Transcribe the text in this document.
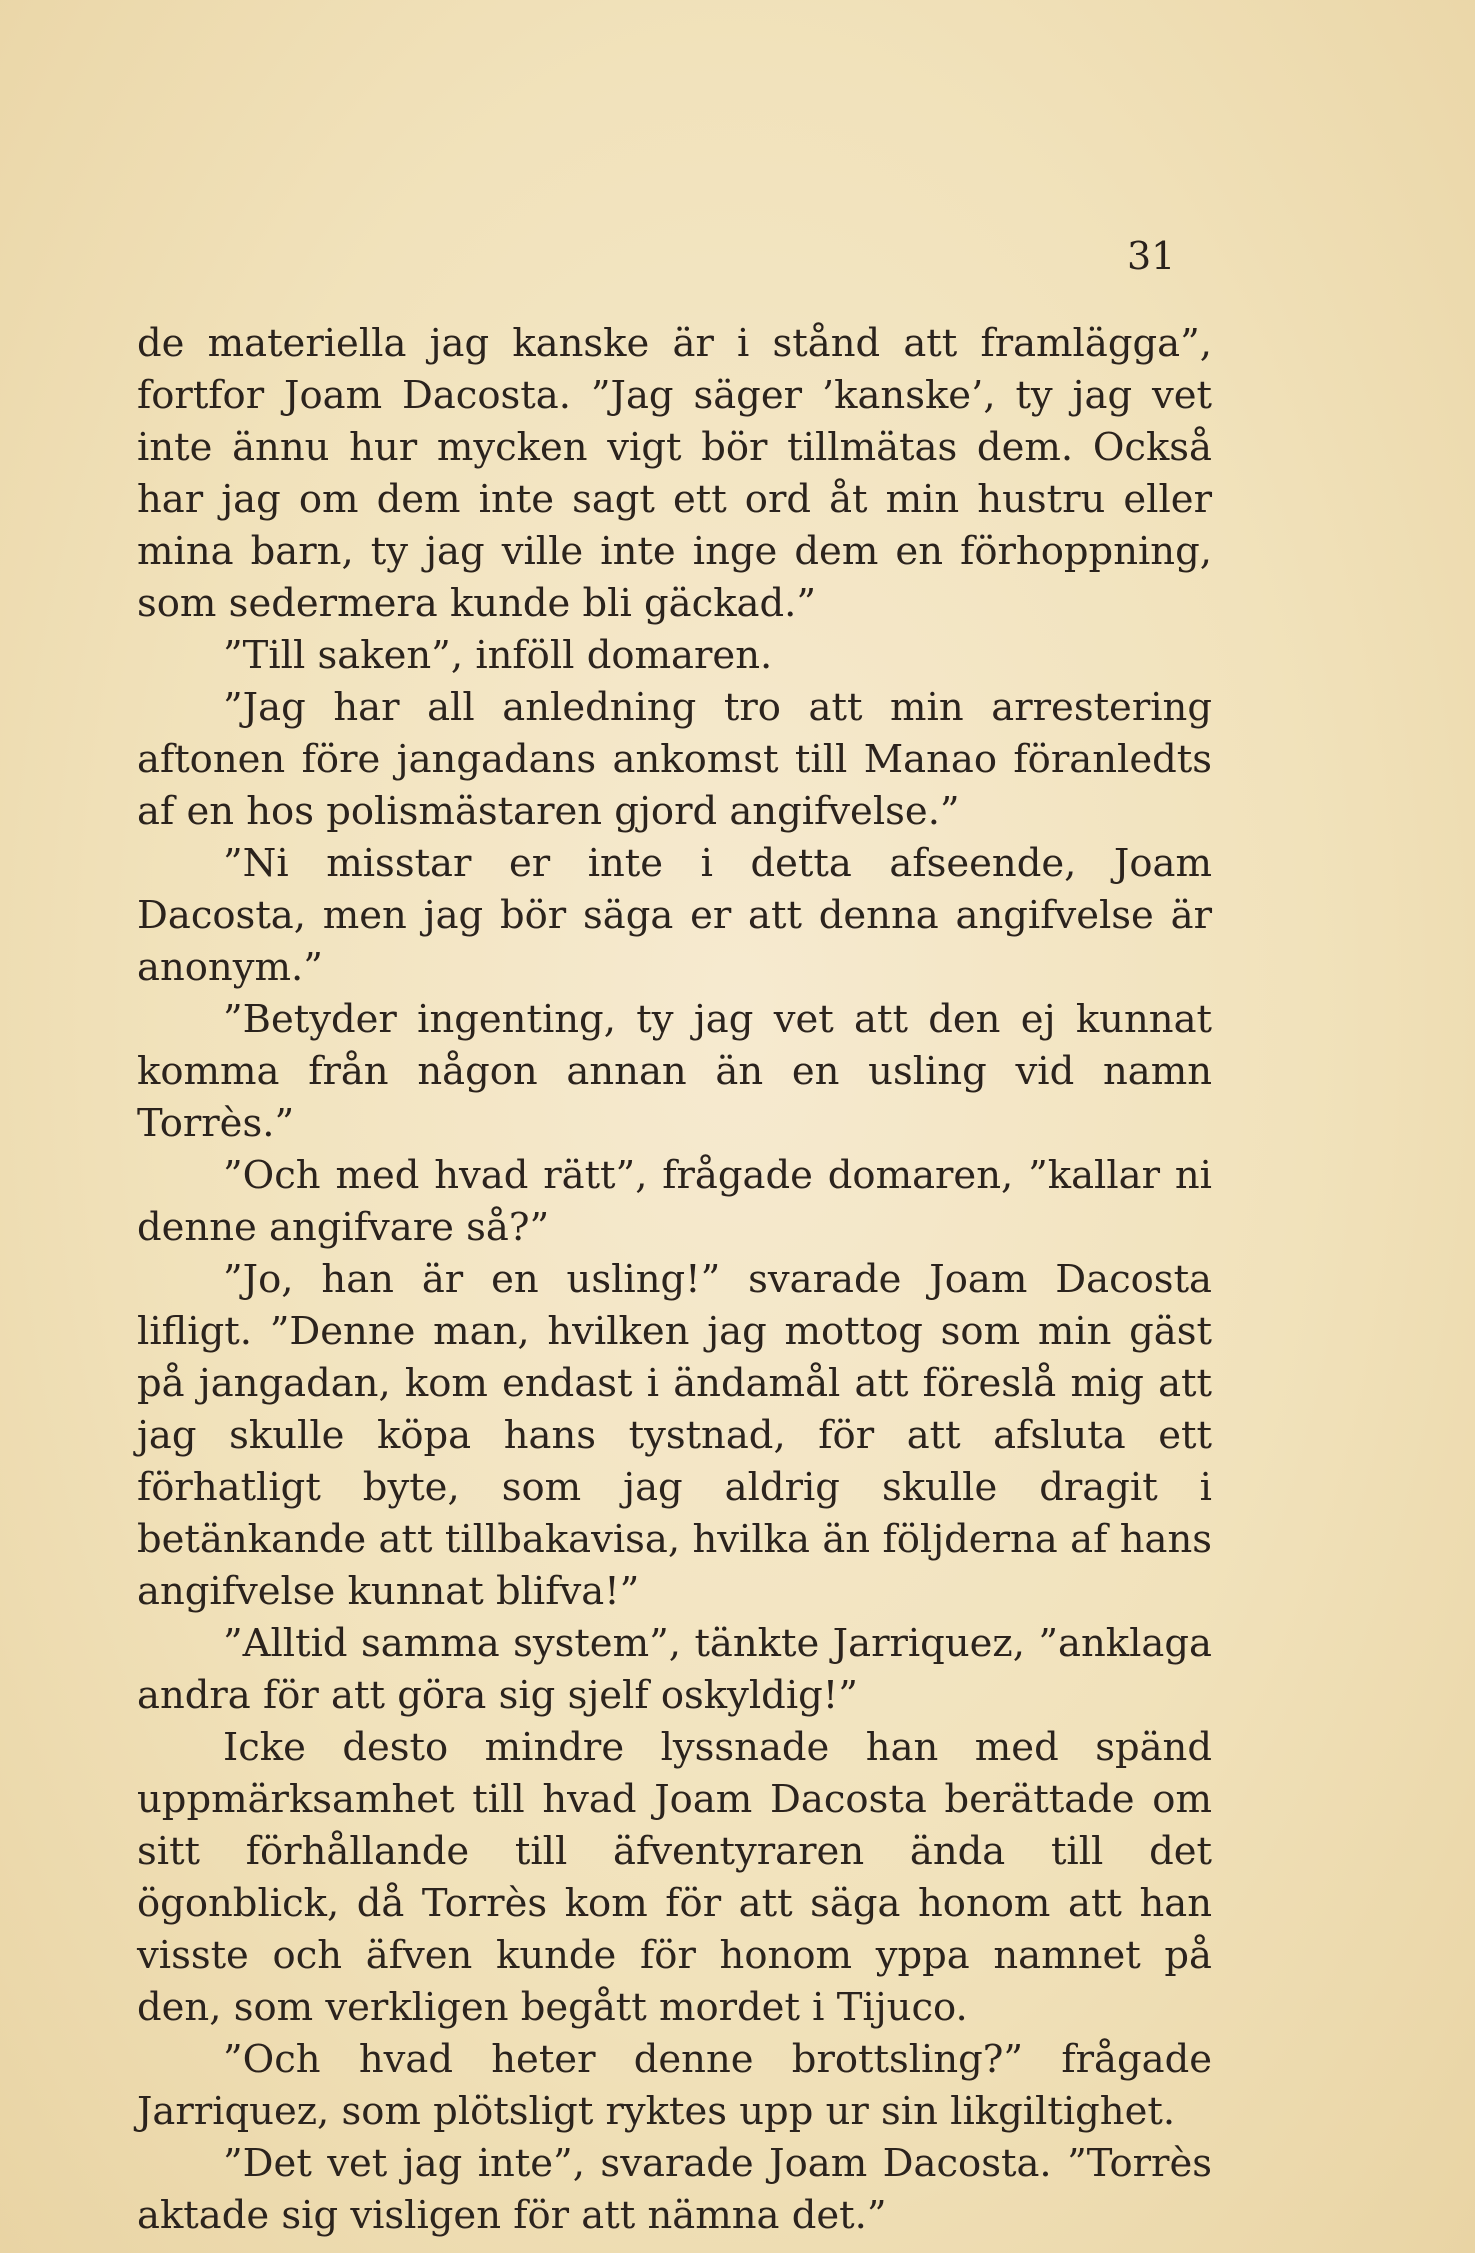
31

de materiella jag kanske är i stånd att framlägga”, fortfor Joam Dacosta. ”Jag säger ’kanske’, ty jag vet inte ännu hur mycken vigt bör tillmätas dem. Också har jag om dem inte sagt ett ord åt min hustru eller mina barn, ty jag ville inte inge dem en förhoppning, som sedermera kunde bli gäckad.”

”Till saken”, inföll domaren.

”Jag har all anledning tro att min arrestering aftonen före jangadans ankomst till Manao föranledts af en hos polismästaren gjord angifvelse.”

”Ni misstar er inte i detta afseende, Joam Dacosta, men jag bör säga er att denna angifvelse är anonym.”

”Betyder ingenting, ty jag vet att den ej kunnat komma från någon annan än en usling vid namn Torrès.”

”Och med hvad rätt”, frågade domaren, ”kallar ni denne angifvare så?”

”Jo, han är en usling!” svarade Joam Dacosta lifligt. ”Denne man, hvilken jag mottog som min gäst på jangadan, kom endast i ändamål att föreslå mig att jag skulle köpa hans tystnad, för att afsluta ett förhatligt byte, som jag aldrig skulle dragit i betänkande att tillbakavisa, hvilka än följderna af hans angifvelse kunnat blifva!”

”Alltid samma system”, tänkte Jarriquez, ”anklaga andra för att göra sig sjelf oskyldig!”

Icke desto mindre lyssnade han med spänd uppmärksamhet till hvad Joam Dacosta berättade om sitt förhållande till äfventyraren ända till det ögonblick, då Torrès kom för att säga honom att han visste och äfven kunde för honom yppa namnet på den, som verkligen begått mordet i Tijuco.

”Och hvad heter denne brottsling?” frågade Jarriquez, som plötsligt ryktes upp ur sin likgiltighet.

”Det vet jag inte”, svarade Joam Dacosta. ”Torrès aktade sig visligen för att nämna det.”
